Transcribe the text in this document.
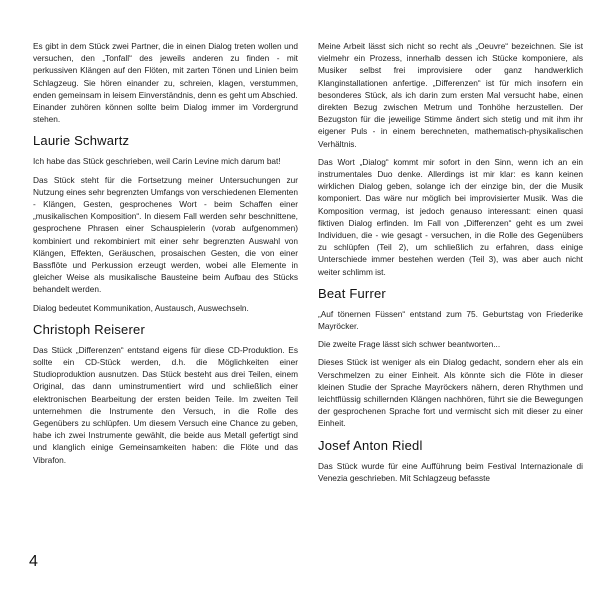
Es gibt in dem Stück zwei Partner, die in einen Dialog treten wollen und versuchen, den „Tonfall“ des jeweils anderen zu finden - mit perkussiven Klängen auf den Flöten, mit zarten Tönen und Linien beim Schlagzeug. Sie hören einander zu, schreien, klagen, verstummen, enden gemeinsam in leisem Einverständnis, denn es geht um Abschied.

Einander zuhören können sollte beim Dialog immer im Vordergrund stehen.

Laurie Schwartz

Ich habe das Stück geschrieben, weil Carin Levine mich darum bat!

Das Stück steht für die Fortsetzung meiner Untersuchungen zur Nutzung eines sehr begrenzten Umfangs von verschiedenen Elementen - Klängen, Gesten, gesprochenes Wort - beim Schaffen einer „musikalischen Komposition“. In diesem Fall werden sehr beschnittene, gesprochene Phrasen einer Schauspielerin (vorab aufgenommen) kombiniert und rekombiniert mit einer sehr begrenzten Auswahl von Klängen, Effekten, Geräuschen, prosaischen Gesten, die von einer Bassflöte und Perkussion erzeugt werden, wobei alle Elemente in gleicher Weise als musikalische Bausteine beim Aufbau des Stücks behandelt werden.

Dialog bedeutet Kommunikation, Austausch, Auswechseln.

Christoph Reiserer

Das Stück „Differenzen“ entstand eigens für diese CD-Produktion. Es sollte ein CD-Stück werden, d.h. die Möglichkeiten einer Studioproduktion ausnutzen. Das Stück besteht aus drei Teilen, einem Original, das dann uminstrumentiert wird und schließlich einer elektronischen Bearbeitung der ersten beiden Teile. Im zweiten Teil unternehmen die Instrumente den Versuch, in die Rolle des Gegenübers zu schlüpfen. Um diesem Versuch eine Chance zu geben, habe ich zwei Instrumente gewählt, die beide aus Metall gefertigt sind und klanglich einige Gemeinsamkeiten haben: die Flöte und das Vibrafon.

Meine Arbeit lässt sich nicht so recht als „Oeuvre“ bezeichnen. Sie ist vielmehr ein Prozess, innerhalb dessen ich Stücke komponiere, als Musiker selbst frei improvisiere oder ganz handwerklich Klanginstallationen anfertige. „Differenzen“ ist für mich insofern ein besonderes Stück, als ich darin zum ersten Mal versucht habe, einen direkten Bezug zwischen Metrum und Tonhöhe herzustellen. Der Bezugston für die jeweilige Stimme ändert sich stetig und mit ihm ihr eigener Puls - in einem berechneten, mathematisch-physikalischen Verhältnis.

Das Wort „Dialog“ kommt mir sofort in den Sinn, wenn ich an ein instrumentales Duo denke. Allerdings ist mir klar: es kann keinen wirklichen Dialog geben, solange ich der einzige bin, der die Musik komponiert. Das wäre nur möglich bei improvisierter Musik. Was die Komposition vermag, ist jedoch genauso interessant: einen quasi fiktiven Dialog erfinden. Im Fall von „Differenzen“ geht es um zwei Individuen, die - wie gesagt - versuchen, in die Rolle des Gegenübers zu schlüpfen (Teil 2), um schließlich zu erfahren, dass einige Unterschiede immer bestehen werden (Teil 3), was aber auch nicht weiter schlimm ist.

Beat Furrer

„Auf tönernen Füssen“ entstand zum 75. Geburtstag von Friederike Mayröcker.

Die zweite Frage lässt sich schwer beantworten...

Dieses Stück ist weniger als ein Dialog gedacht, sondern eher als ein Verschmelzen zu einer Einheit. Als könnte sich die Flöte in dieser kleinen Studie der Sprache Mayröckers nähern, deren Rhythmen und leichtflüssig schillernden Klängen nachhören, führt sie die Bewegungen der gesprochenen Sprache fort und vermischt sich mit dieser zu einer Einheit.

Josef Anton Riedl

Das Stück wurde für eine Aufführung beim Festival Internazionale di Venezia geschrieben. Mit Schlagzeug befasste

4
